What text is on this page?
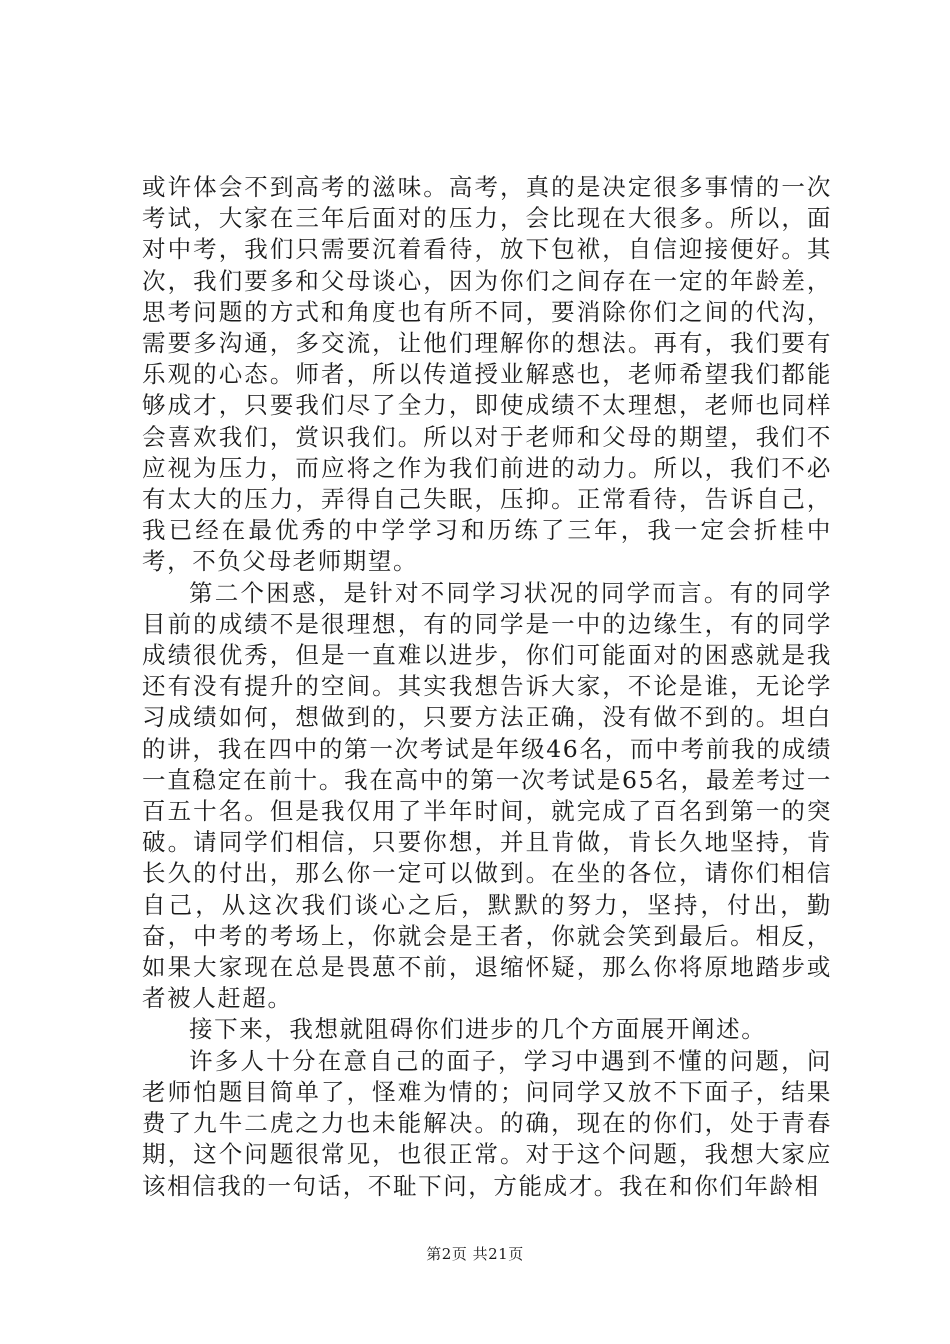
或许体会不到高考的滋味。高考，真的是决定很多事情的一次考试，大家在三年后面对的压力，会比现在大很多。所以，面对中考，我们只需要沉着看待，放下包袱，自信迎接便好。其次，我们要多和父母谈心，因为你们之间存在一定的年龄差，思考问题的方式和角度也有所不同，要消除你们之间的代沟，需要多沟通，多交流，让他们理解你的想法。再有，我们要有乐观的心态。师者，所以传道授业解惑也，老师希望我们都能够成才，只要我们尽了全力，即使成绩不太理想，老师也同样会喜欢我们，赏识我们。所以对于老师和父母的期望，我们不应视为压力，而应将之作为我们前进的动力。所以，我们不必有太大的压力，弄得自己失眠，压抑。正常看待，告诉自己，我已经在最优秀的中学学习和历练了三年，我一定会折桂中考，不负父母老师期望。

第二个困惑，是针对不同学习状况的同学而言。有的同学目前的成绩不是很理想，有的同学是一中的边缘生，有的同学成绩很优秀，但是一直难以进步，你们可能面对的困惑就是我还有没有提升的空间。其实我想告诉大家，不论是谁，无论学习成绩如何，想做到的，只要方法正确，没有做不到的。坦白的讲，我在四中的第一次考试是年级46名，而中考前我的成绩一直稳定在前十。我在高中的第一次考试是65名，最差考过一百五十名。但是我仅用了半年时间，就完成了百名到第一的突破。请同学们相信，只要你想，并且肯做，肯长久地坚持，肯长久的付出，那么你一定可以做到。在坐的各位，请你们相信自己，从这次我们谈心之后，默默的努力，坚持，付出，勤奋，中考的考场上，你就会是王者，你就会笑到最后。相反，如果大家现在总是畏葸不前，退缩怀疑，那么你将原地踏步或者被人赶超。

接下来，我想就阻碍你们进步的几个方面展开阐述。

许多人十分在意自己的面子，学习中遇到不懂的问题，问老师怕题目简单了，怪难为情的；问同学又放不下面子，结果费了九牛二虎之力也未能解决。的确，现在的你们，处于青春期，这个问题很常见，也很正常。对于这个问题，我想大家应该相信我的一句话，不耻下问，方能成才。我在和你们年龄相

第2页 共21页
